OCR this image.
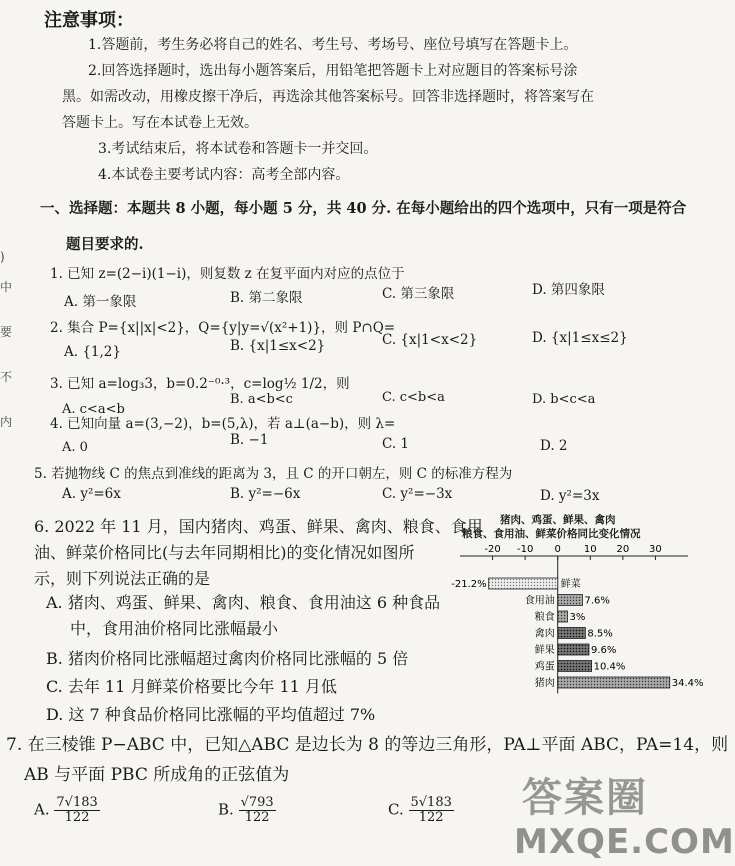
)

中

要

不

内
注意事项：
1.答题前，考生务必将自己的姓名、考生号、考场号、座位号填写在答题卡上。
2.回答选择题时，选出每小题答案后，用铅笔把答题卡上对应题目的答案标号涂
黑。如需改动，用橡皮擦干净后，再选涂其他答案标号。回答非选择题时，将答案写在
答题卡上。写在本试卷上无效。
3.考试结束后，将本试卷和答题卡一并交回。
4.本试卷主要考试内容：高考全部内容。
一、选择题：本题共 8 小题，每小题 5 分，共 40 分. 在每小题给出的四个选项中，只有一项是符合
题目要求的.
1. 已知 z=(2−i)(1−i)，则复数 z 在复平面内对应的点位于
A. 第一象限	B. 第二象限	C. 第三象限	D. 第四象限
2. 集合 P={x||x|<2}，Q={y|y=√(x²+1)}，则 P∩Q=
A. {1,2}	B. {x|1≤x<2}	C. {x|1<x<2}	D. {x|1≤x≤2}
3. 已知 a=log₃3，b=0.2⁻⁰·³，c=log½ 1/2，则
A. c<a<b
B. a<b<c	C. c<b<a	D. b<c<a
4. 已知向量 a=(3,−2)，b=(5,λ)，若 a⊥(a−b)，则 λ=
A. 0	B. −1	C. 1	D. 2
5. 若抛物线 C 的焦点到准线的距离为 3，且 C 的开口朝左，则 C 的标准方程为
A. y²=6x	B. y²=−6x	C. y²=−3x	D. y²=3x
6. 2022 年 11 月，国内猪肉、鸡蛋、鲜果、禽肉、粮食、食用
油、鲜菜价格同比(与去年同期相比)的变化情况如图所
示，则下列说法正确的是
A. 猪肉、鸡蛋、鲜果、禽肉、粮食、食用油这 6 种食品
中，食用油价格同比涨幅最小
B. 猪肉价格同比涨幅超过禽肉价格同比涨幅的 5 倍
C. 去年 11 月鲜菜价格要比今年 11 月低
D. 这 7 种食品价格同比涨幅的平均值超过 7%
猪肉、鸡蛋、鲜果、禽肉
粮食、食用油、鲜菜价格同比变化情况
-20 -10 0 10 20 30
鲜菜
-21.2%
食用油	7.6%
粮食 3%
禽肉	8.5%
鲜果	9.6%
鸡蛋	10.4%
猪肉	34.4%
7. 在三棱锥 P−ABC 中，已知△ABC 是边长为 8 的等边三角形，PA⊥平面 ABC，PA=14，则
AB 与平面 PBC 所成角的正弦值为
A. $\frac{7√183}{122}$	B. $\frac{√793}{122}$	C. $\frac{5√183}{122}$ 答案圈
MXQE.COM
